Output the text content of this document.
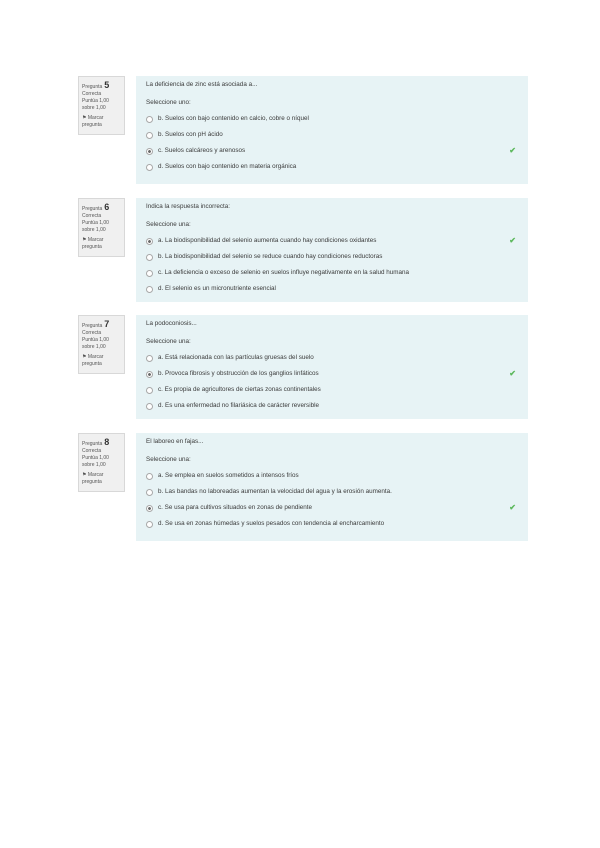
Pregunta 5
Correcta
Puntúa 1,00
sobre 1,00
⚑ Marcar
pregunta
La deficiencia de zinc está asociada a...
Seleccione uno:
b. Suelos con bajo contenido en calcio, cobre o níquel
b. Suelos con pH ácido
c. Suelos calcáreos y arenosos	✔
d. Suelos con bajo contenido en materia orgánica
Pregunta 6
Correcta
Puntúa 1,00
sobre 1,00
⚑ Marcar
pregunta
Indica la respuesta incorrecta:
Seleccione una:
a. La biodisponibilidad del selenio aumenta cuando hay condiciones oxidantes	✔
b. La biodisponibilidad del selenio se reduce cuando hay condiciones reductoras
c. La deficiencia o exceso de selenio en suelos influye negativamente en la salud humana
d. El selenio es un micronutriente esencial
Pregunta 7
Correcta
Puntúa 1,00
sobre 1,00
⚑ Marcar
pregunta
La podoconiosis...
Seleccione una:
a. Está relacionada con las partículas gruesas del suelo
b. Provoca fibrosis y obstrucción de los ganglios linfáticos	✔
c. Es propia de agricultores de ciertas zonas continentales
d. Es una enfermedad no filariásica de carácter reversible
Pregunta 8
Correcta
Puntúa 1,00
sobre 1,00
⚑ Marcar
pregunta
El laboreo en fajas...
Seleccione una:
a. Se emplea en suelos sometidos a intensos fríos
b. Las bandas no laboreadas aumentan la velocidad del agua y la erosión aumenta.
c. Se usa para cultivos situados en zonas de pendiente	✔
d. Se usa en zonas húmedas y suelos pesados con tendencia al encharcamiento
